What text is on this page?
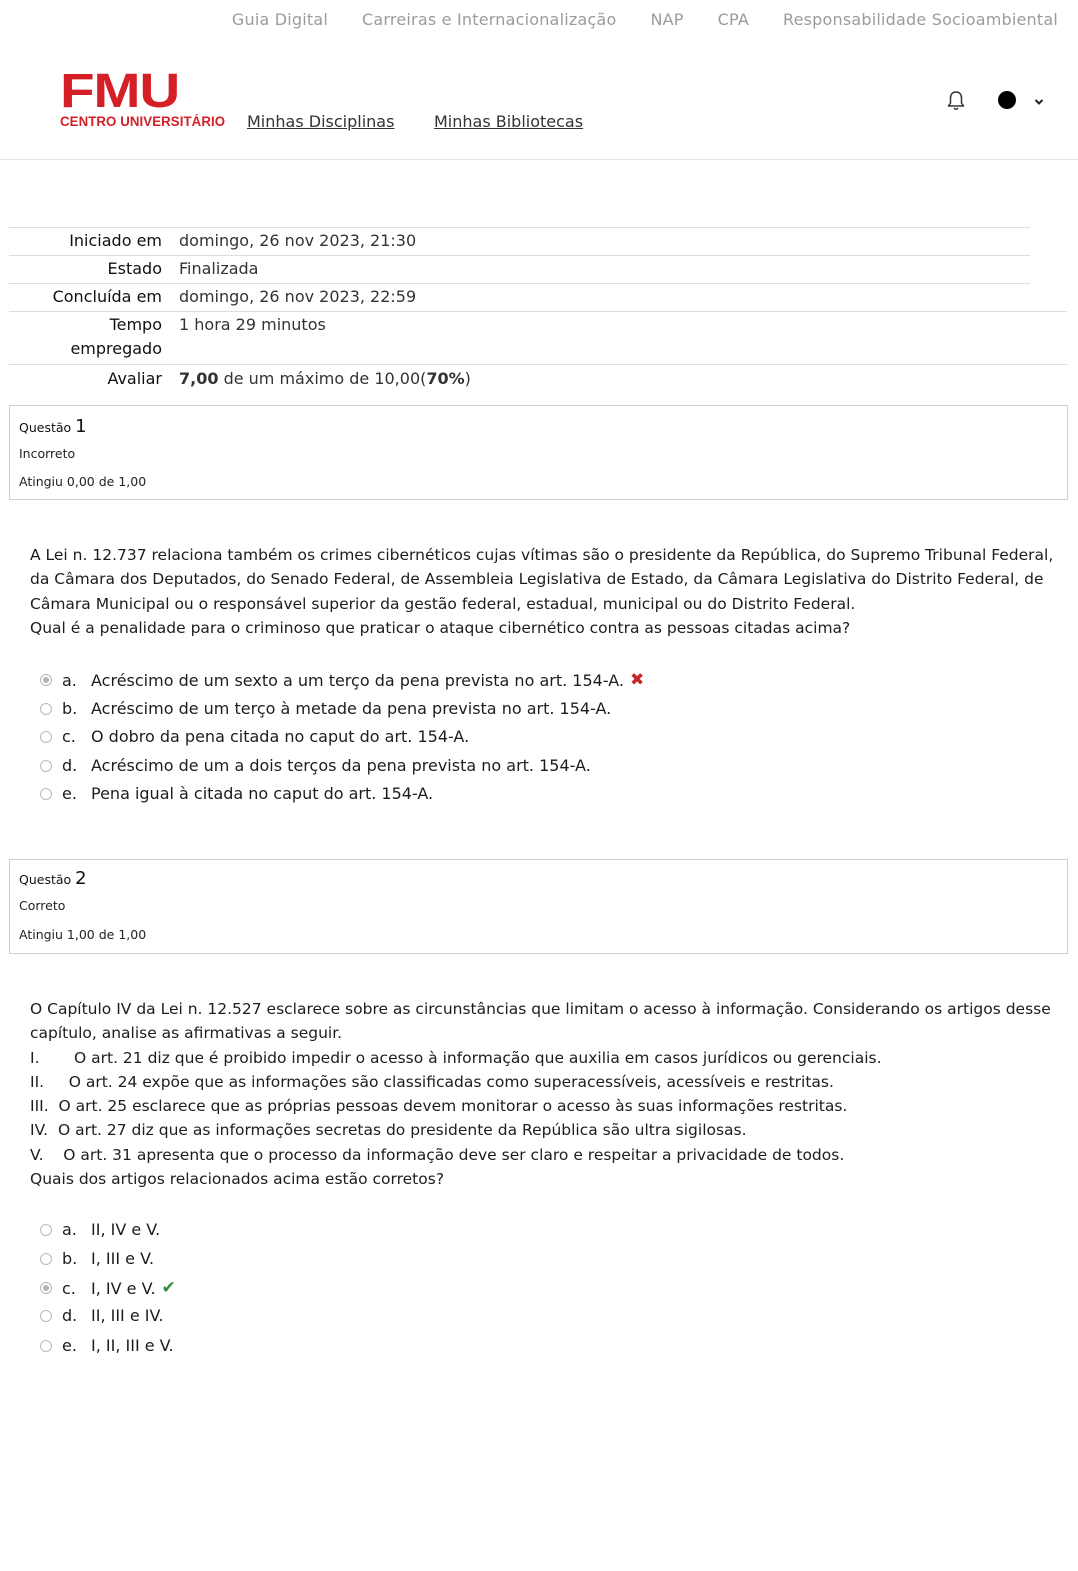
Guia Digital Carreiras e Internacionalização NAP CPA Responsabilidade Socioambiental
FMU
CENTRO UNIVERSITÁRIO Minhas Disciplinas Minhas Bibliotecas
Iniciado em domingo, 26 nov 2023, 21:30
Estado Finalizada
Concluída em domingo, 26 nov 2023, 22:59
Tempo
empregado
1 hora 29 minutos
Avaliar 7,00 de um máximo de 10,00(70%)
Questão 1
Incorreto
Atingiu 0,00 de 1,00

A Lei n. 12.737 relaciona também os crimes cibernéticos cujas vítimas são o presidente da República, do Supremo Tribunal Federal, da Câmara dos Deputados, do Senado Federal, de Assembleia Legislativa de Estado, da Câmara Legislativa do Distrito Federal, de Câmara Municipal ou o responsável superior da gestão federal, estadual, municipal ou do Distrito Federal.

Qual é a penalidade para o criminoso que praticar o ataque cibernético contra as pessoas citadas acima?

a. Acréscimo de um sexto a um terço da pena prevista no art. 154-A. ✖
b. Acréscimo de um terço à metade da pena prevista no art. 154-A.
c. O dobro da pena citada no caput do art. 154-A.
d. Acréscimo de um a dois terços da pena prevista no art. 154-A.
e. Pena igual à citada no caput do art. 154-A.
Questão 2
Correto
Atingiu 1,00 de 1,00

O Capítulo IV da Lei n. 12.527 esclarece sobre as circunstâncias que limitam o acesso à informação. Considerando os artigos desse capítulo, analise as afirmativas a seguir.

I.       O art. 21 diz que é proibido impedir o acesso à informação que auxilia em casos jurídicos ou gerenciais.

II.     O art. 24 expõe que as informações são classificadas como superacessíveis, acessíveis e restritas.

III.  O art. 25 esclarece que as próprias pessoas devem monitorar o acesso às suas informações restritas.

IV.  O art. 27 diz que as informações secretas do presidente da República são ultra sigilosas.

V.    O art. 31 apresenta que o processo da informação deve ser claro e respeitar a privacidade de todos.

Quais dos artigos relacionados acima estão corretos?

a. II, IV e V.
b. I, III e V.
c. I, IV e V. ✔
d. II, III e IV.
e. I, II, III e V.
